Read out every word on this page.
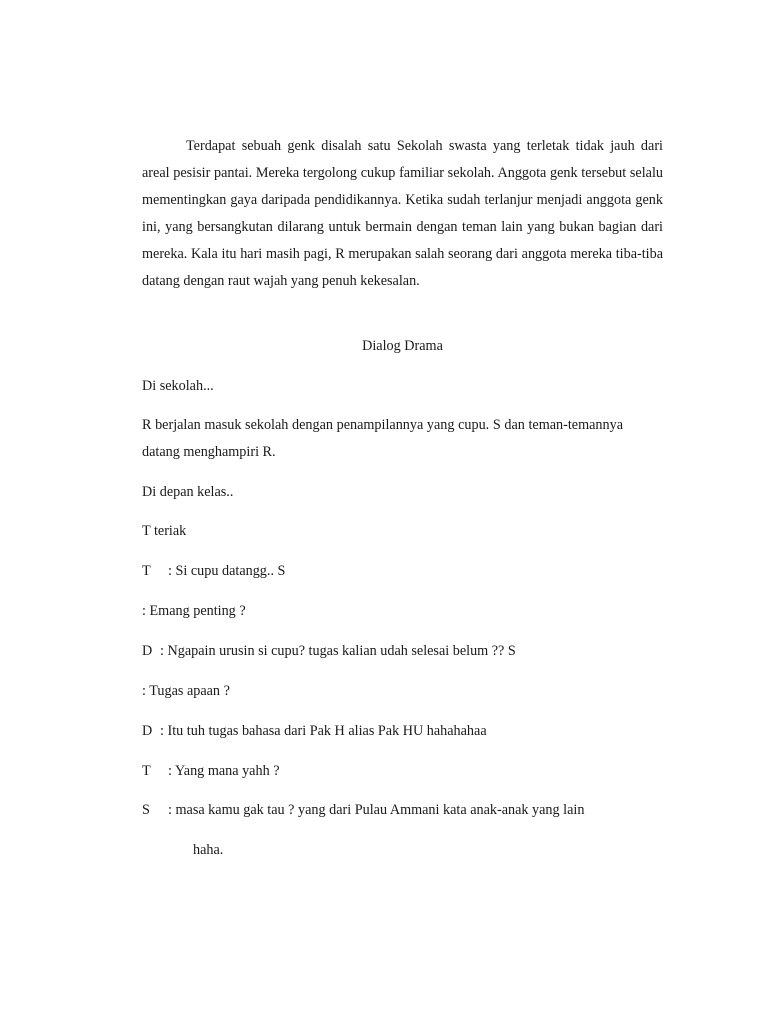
Terdapat sebuah genk disalah satu Sekolah swasta yang terletak tidak jauh dari areal pesisir pantai. Mereka tergolong cukup familiar sekolah. Anggota genk tersebut selalu mementingkan gaya daripada pendidikannya. Ketika sudah terlanjur menjadi anggota genk ini, yang bersangkutan dilarang untuk bermain dengan teman lain yang bukan bagian dari mereka. Kala itu hari masih pagi, R merupakan salah seorang dari anggota mereka tiba-tiba datang dengan raut wajah yang penuh kekesalan.

Dialog Drama

Di sekolah...

R berjalan masuk sekolah dengan penampilannya yang cupu. S dan teman-temannya datang menghampiri R.

Di depan kelas..

T teriak

T : Si cupu datangg.. S

: Emang penting ?

D : Ngapain urusin si cupu? tugas kalian udah selesai belum ?? S

: Tugas apaan ?

D : Itu tuh tugas bahasa dari Pak H alias Pak HU hahahahaa

T : Yang mana yahh ?

S : masa kamu gak tau ? yang dari Pulau Ammani kata anak-anak yang lain

haha.
